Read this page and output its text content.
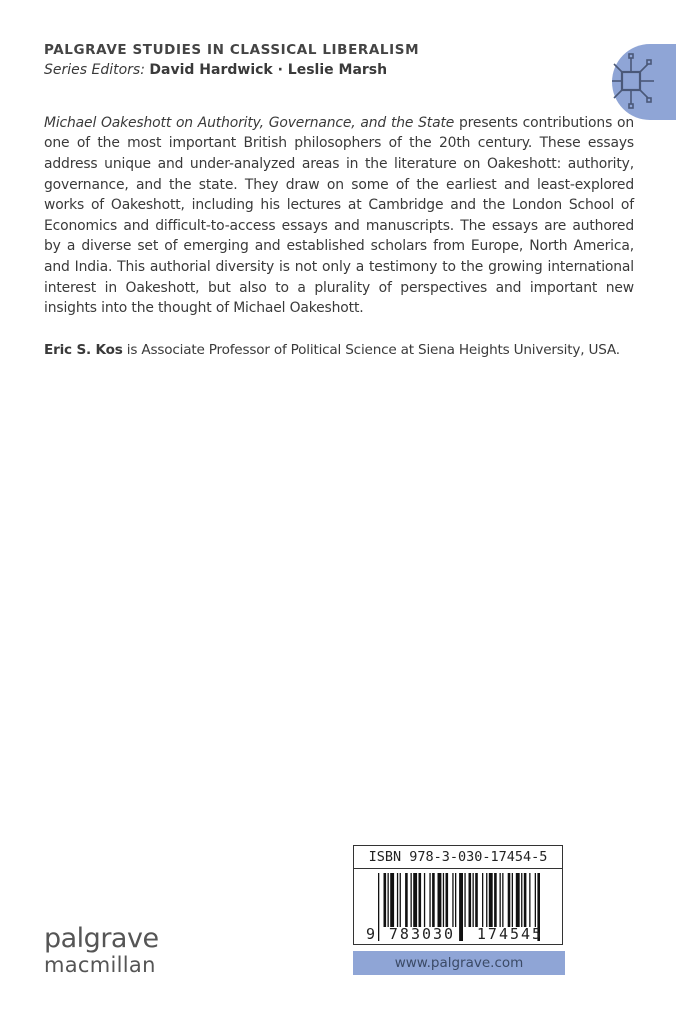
PALGRAVE STUDIES IN CLASSICAL LIBERALISM
Series Editors: David Hardwick · Leslie Marsh

Michael Oakeshott on Authority, Governance, and the State presents contributions on one of the most important British philosophers of the 20th century. These essays address unique and under-analyzed areas in the literature on Oakeshott: authority, governance, and the state. They draw on some of the earliest and least-explored works of Oakeshott, including his lectures at Cambridge and the London School of Economics and difficult-to-access essays and manuscripts. The essays are authored by a diverse set of emerging and established scholars from Europe, North America, and India. This authorial diversity is not only a testimony to the growing international interest in Oakeshott, but also to a plurality of perspectives and important new insights into the thought of Michael Oakeshott.

Eric S. Kos is Associate Professor of Political Science at Siena Heights University, USA.

palgrave
macmillan
ISBN 978-3-030-17454-5
9 783030 174545
www.palgrave.com
